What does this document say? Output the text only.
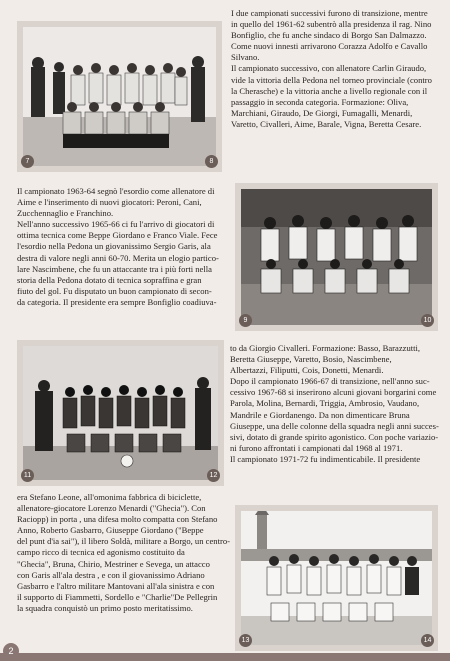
7	8
9	10
11	12
13	14

I due campionati successivi furono di transizione, mentre
in quello del 1961-62 subentrò alla presidenza il rag. Nino
Bonfiglio, che fu anche sindaco di Borgo San Dalmazzo.
Come nuovi innesti arrivarono Corazza Adolfo e Cavallo
Silvano.
Il campionato successivo, con allenatore Carlin Giraudo,
vide la vittoria della Pedona nel torneo provinciale (contro
la Cherasche) e la vittoria anche a livello regionale con il
passaggio in seconda categoria. Formazione: Oliva,
Marchiani, Giraudo, De Giorgi, Fumagalli, Menardi,
Varetto, Civalleri, Aime, Barale, Vigna, Beretta Cesare.

Il campionato 1963-64 segnò l'esordio come allenatore di
Aime e l'inserimento di nuovi giocatori: Peroni, Cani,
Zucchennaglio e Franchino.
Nell'anno successivo 1965-66 ci fu l'arrivo di giocatori di
ottima tecnica come Beppe Giordano e Franco Viale. Fece
l'esordio nella Pedona un giovanissimo Sergio Garis, ala
destra di valore negli anni 60-70. Merita un elogio partico-
lare Nascimbene, che fu un attaccante tra i più forti nella
storia della Pedona dotato di tecnica sopraffina e gran
fiuto del gol. Fu disputato un buon campionato di secon-
da categoria. Il presidente era sempre Bonfiglio coadiuva-

to da Giorgio Civalleri. Formazione: Basso, Barazzutti,
Beretta Giuseppe, Varetto, Bosio, Nascimbene,
Albertazzi, Filiputti, Cois, Donetti, Menardi.
Dopo il campionato 1966-67 di transizione, nell'anno suc-
cessivo 1967-68 si inserirono alcuni giovani borgarini come
Parola, Molina, Bernardi, Triggia, Ambrosio, Vaudano,
Mandrile e Giordanengo. Da non dimenticare Bruna
Giuseppe, una delle colonne della squadra negli anni succes-
sivi, dotato di grande spirito agonistico. Con poche variazio-
ni furono affrontati i campionati dal 1968 al 1971.
Il campionato 1971-72 fu indimenticabile. Il presidente

era Stefano Leone, all'omonima fabbrica di biciclette,
allenatore-giocatore Lorenzo Menardi ("Ghecia"). Con
Raciopp) in porta , una difesa molto compatta con Stefano
Anno, Roberto Gasbarro, Giuseppe Giordano ("Beppe
del punt d'ia sai"), il libero Soldà, militare a Borgo, un centro-
campo ricco di tecnica ed agonismo costituito da
"Ghecia", Bruna, Chirio, Mestriner e Sevega, un attacco
con Garis all'ala destra , e con il giovanissimo Adriano
Gasbarro e l'altro militare Mantovani all'ala sinistra e con
il supporto di Fiammetti, Sordello e "Charlie"De Pellegrin
la squadra conquistò un primo posto meritatissimo.

2
